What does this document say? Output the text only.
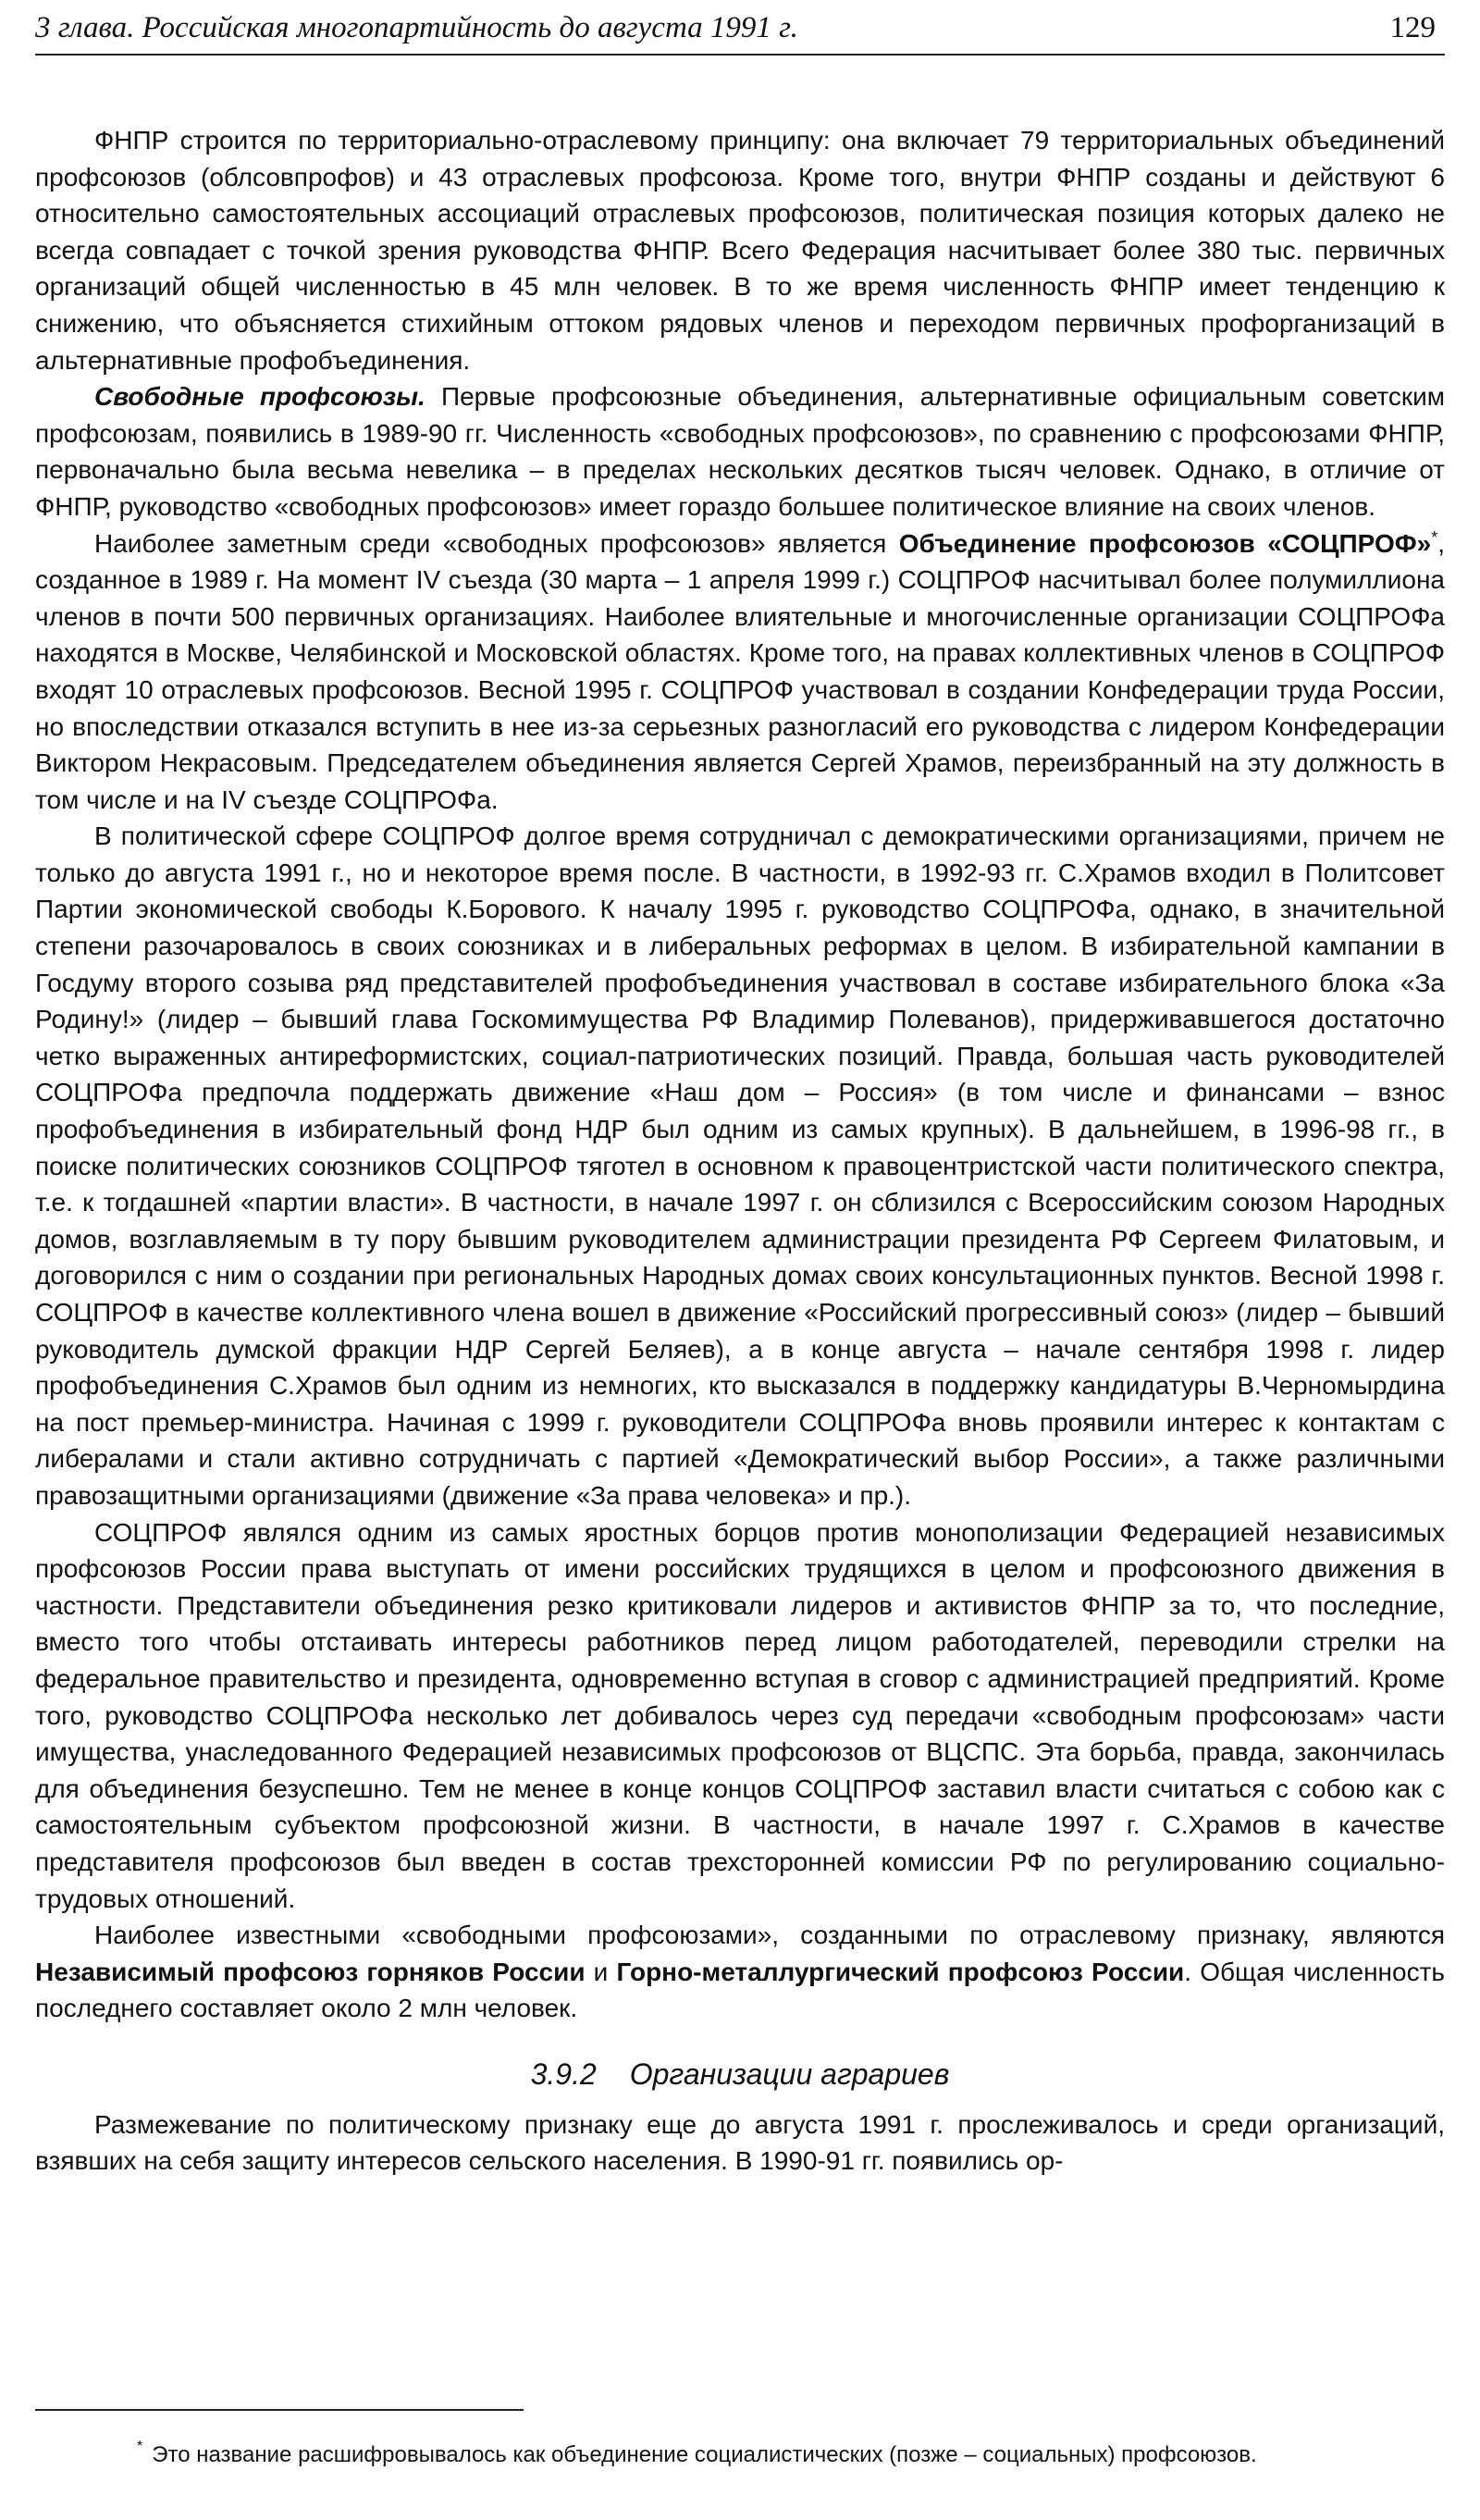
3 глава. Российская многопартийность до августа 1991 г.	129

ФНПР строится по территориально-отраслевому принципу: она включает 79 территориальных объединений профсоюзов (облсовпрофов) и 43 отраслевых профсоюза. Кроме того, внутри ФНПР созданы и действуют 6 относительно самостоятельных ассоциаций отраслевых профсоюзов, политическая позиция которых далеко не всегда совпадает с точкой зрения руководства ФНПР. Всего Федерация насчитывает более 380 тыс. первичных организаций общей численностью в 45 млн человек. В то же время численность ФНПР имеет тенденцию к снижению, что объясняется стихийным оттоком рядовых членов и переходом первичных профорганизаций в альтернативные профобъединения.

Свободные профсоюзы. Первые профсоюзные объединения, альтернативные официальным советским профсоюзам, появились в 1989-90 гг. Численность «свободных профсоюзов», по сравнению с профсоюзами ФНПР, первоначально была весьма невелика – в пределах нескольких десятков тысяч человек. Однако, в отличие от ФНПР, руководство «свободных профсоюзов» имеет гораздо большее политическое влияние на своих членов.

Наиболее заметным среди «свободных профсоюзов» является Объединение профсоюзов «СОЦПРОФ»*, созданное в 1989 г. На момент IV съезда (30 марта – 1 апреля 1999 г.) СОЦПРОФ насчитывал более полумиллиона членов в почти 500 первичных организациях. Наиболее влиятельные и многочисленные организации СОЦПРОФа находятся в Москве, Челябинской и Московской областях. Кроме того, на правах коллективных членов в СОЦПРОФ входят 10 отраслевых профсоюзов. Весной 1995 г. СОЦПРОФ участвовал в создании Конфедерации труда России, но впоследствии отказался вступить в нее из-за серьезных разногласий его руководства с лидером Конфедерации Виктором Некрасовым. Председателем объединения является Сергей Храмов, переизбранный на эту должность в том числе и на IV съезде СОЦПРОФа.

В политической сфере СОЦПРОФ долгое время сотрудничал с демократическими организациями, причем не только до августа 1991 г., но и некоторое время после. В частности, в 1992-93 гг. С.Храмов входил в Политсовет Партии экономической свободы К.Борового. К началу 1995 г. руководство СОЦПРОФа, однако, в значительной степени разочаровалось в своих союзниках и в либеральных реформах в целом. В избирательной кампании в Госдуму второго созыва ряд представителей профобъединения участвовал в составе избирательного блока «За Родину!» (лидер – бывший глава Госкомимущества РФ Владимир Полеванов), придерживавшегося достаточно четко выраженных антиреформистских, социал-патриотических позиций. Правда, большая часть руководителей СОЦПРОФа предпочла поддержать движение «Наш дом – Россия» (в том числе и финансами – взнос профобъединения в избирательный фонд НДР был одним из самых крупных). В дальнейшем, в 1996-98 гг., в поиске политических союзников СОЦПРОФ тяготел в основном к правоцентристской части политического спектра, т.е. к тогдашней «партии власти». В частности, в начале 1997 г. он сблизился с Всероссийским союзом Народных домов, возглавляемым в ту пору бывшим руководителем администрации президента РФ Сергеем Филатовым, и договорился с ним о создании при региональных Народных домах своих консультационных пунктов. Весной 1998 г. СОЦПРОФ в качестве коллективного члена вошел в движение «Российский прогрессивный союз» (лидер – бывший руководитель думской фракции НДР Сергей Беляев), а в конце августа – начале сентября 1998 г. лидер профобъединения С.Храмов был одним из немногих, кто высказался в поддержку кандидатуры В.Черномырдина на пост премьер-министра. Начиная с 1999 г. руководители СОЦПРОФа вновь проявили интерес к контактам с либералами и стали активно сотрудничать с партией «Демократический выбор России», а также различными правозащитными организациями (движение «За права человека» и пр.).

СОЦПРОФ являлся одним из самых яростных борцов против монополизации Федерацией независимых профсоюзов России права выступать от имени российских трудящихся в целом и профсоюзного движения в частности. Представители объединения резко критиковали лидеров и активистов ФНПР за то, что последние, вместо того чтобы отстаивать интересы работников перед лицом работодателей, переводили стрелки на федеральное правительство и президента, одновременно вступая в сговор с администрацией предприятий. Кроме того, руководство СОЦПРОФа несколько лет добивалось через суд передачи «свободным профсоюзам» части имущества, унаследованного Федерацией независимых профсоюзов от ВЦСПС. Эта борьба, правда, закончилась для объединения безуспешно. Тем не менее в конце концов СОЦПРОФ заставил власти считаться с собою как с самостоятельным субъектом профсоюзной жизни. В частности, в начале 1997 г. С.Храмов в качестве представителя профсоюзов был введен в состав трехсторонней комиссии РФ по регулированию социально-трудовых отношений.

Наиболее известными «свободными профсоюзами», созданными по отраслевому признаку, являются Независимый профсоюз горняков России и Горно-металлургический профсоюз России. Общая численность последнего составляет около 2 млн человек.

3.9.2 Организации аграриев

Размежевание по политическому признаку еще до августа 1991 г. прослеживалось и среди организаций, взявших на себя защиту интересов сельского населения. В 1990-91 гг. появились ор-

* Это название расшифровывалось как объединение социалистических (позже – социальных) профсоюзов.
